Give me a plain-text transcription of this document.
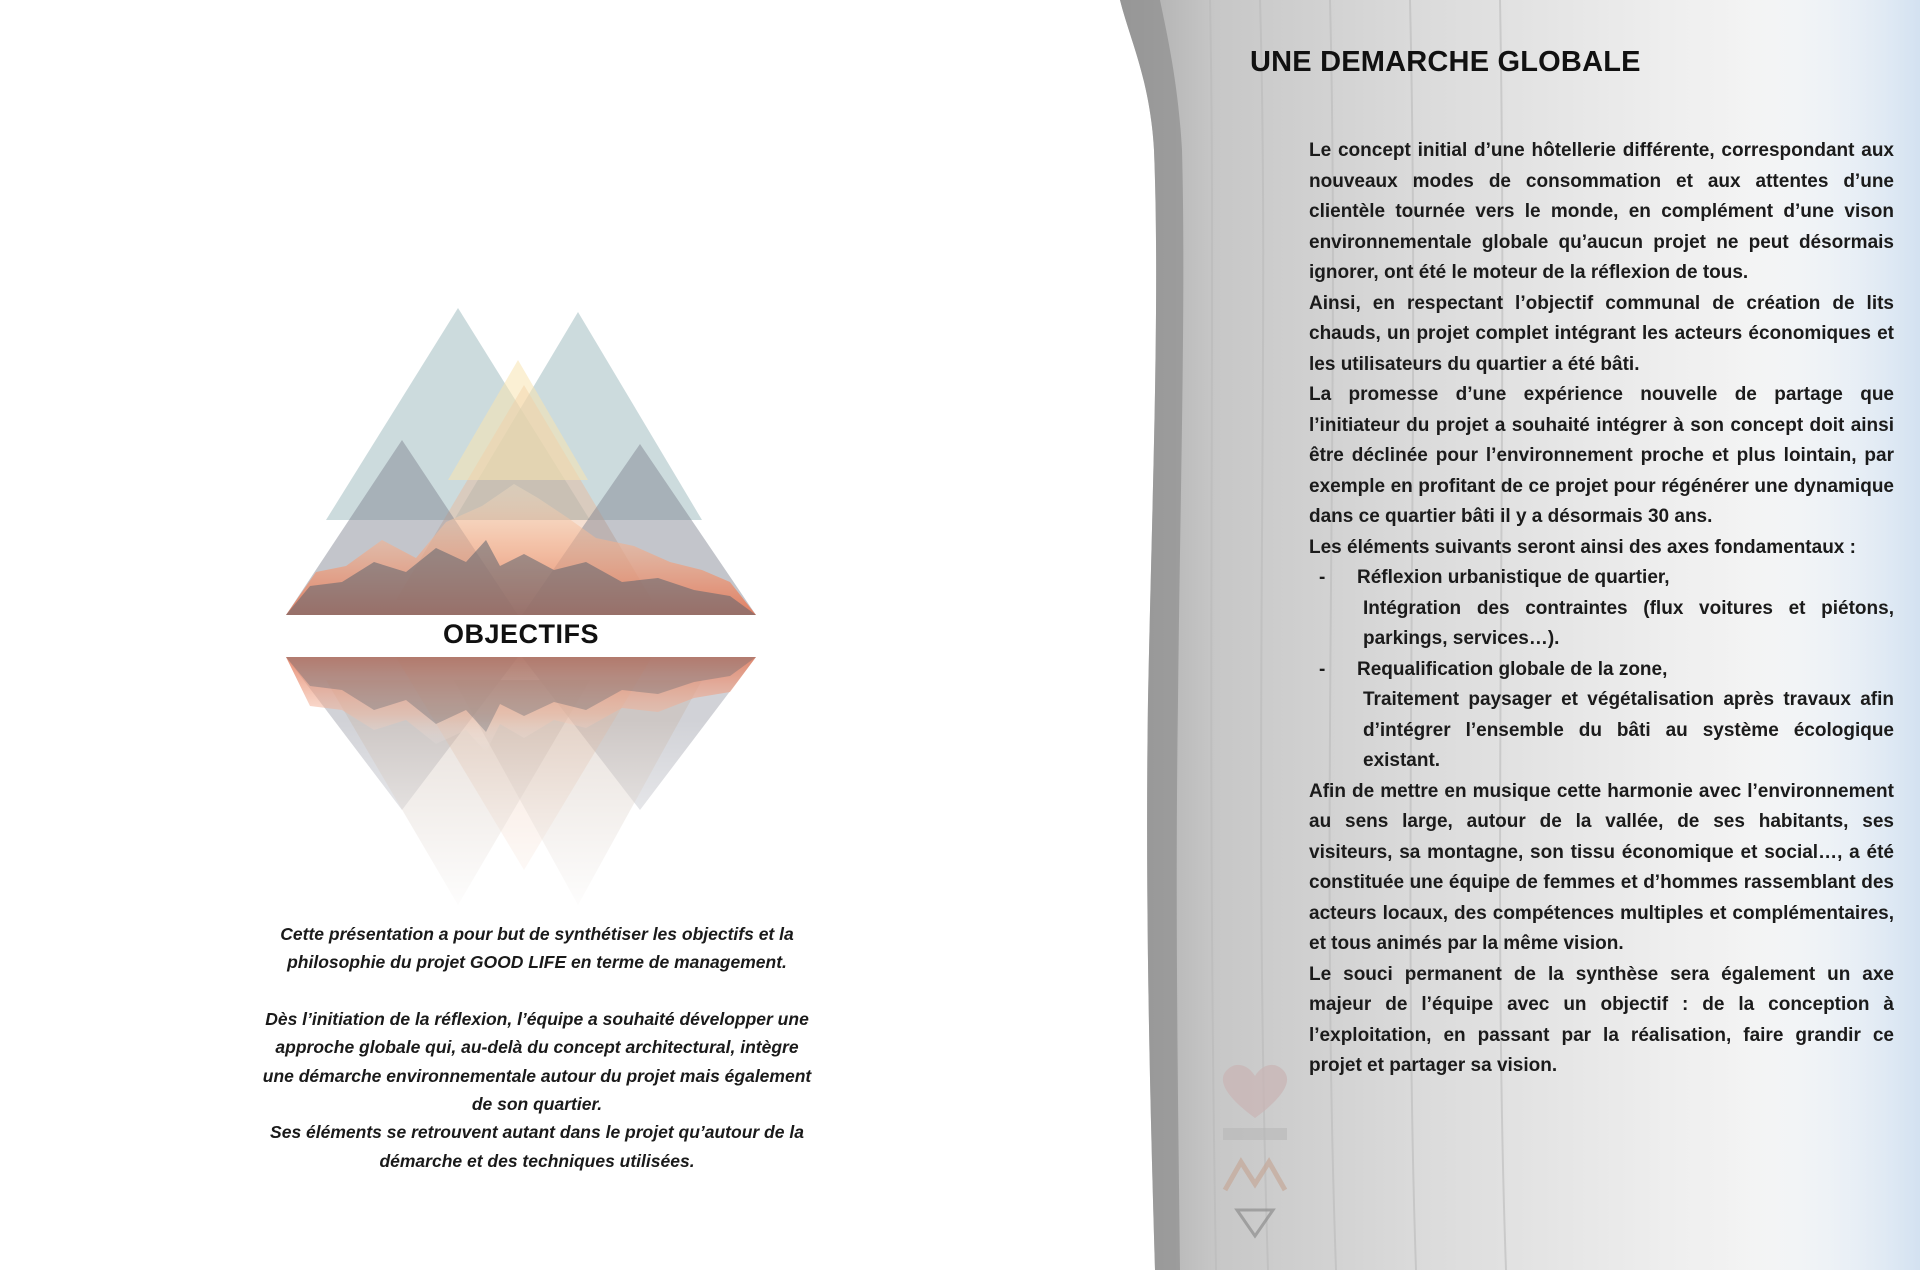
OBJECTIFS

Cette présentation a pour but de synthétiser les objectifs et la philosophie du projet GOOD LIFE en terme de management.

Dès l’initiation de la réflexion, l’équipe a souhaité développer une approche globale qui, au-delà du concept architectural, intègre une démarche environnementale autour du projet mais également de son quartier.
Ses éléments se retrouvent autant dans le projet qu’autour de la démarche et des techniques utilisées.

UNE DEMARCHE GLOBALE

Le concept initial d’une hôtellerie différente, correspondant aux nouveaux modes de consommation et aux attentes d’une clientèle tournée vers le monde, en complément d’une vison environnementale globale qu’aucun projet ne peut désormais ignorer, ont été le moteur de la réflexion de tous.

Ainsi, en respectant l’objectif communal de création de lits chauds, un projet complet intégrant les acteurs économiques et les utilisateurs du quartier a été bâti.

La promesse d’une expérience nouvelle de partage que l’initiateur du projet a souhaité intégrer à son concept doit ainsi être déclinée pour l’environnement proche et plus lointain, par exemple en profitant de ce projet pour régénérer une dynamique dans ce quartier bâti il y a désormais 30 ans.

Les éléments suivants seront ainsi des axes fondamentaux :

-	Réflexion urbanistique de quartier,

Intégration des contraintes (flux voitures et piétons, parkings, services…).

-	Requalification globale de la zone,

Traitement paysager et végétalisation après travaux afin d’intégrer l’ensemble du bâti au système écologique existant.

Afin de mettre en musique cette harmonie avec l’environnement au sens large, autour de la vallée, de ses habitants, ses visiteurs, sa montagne, son tissu économique et social…, a été constituée une équipe de femmes et d’hommes rassemblant des acteurs locaux, des compétences multiples et complémentaires, et tous animés par la même vision.

Le souci permanent de la synthèse sera également un axe majeur de l’équipe avec un objectif : de la conception à l’exploitation, en passant par la réalisation, faire grandir ce projet et partager sa vision.
